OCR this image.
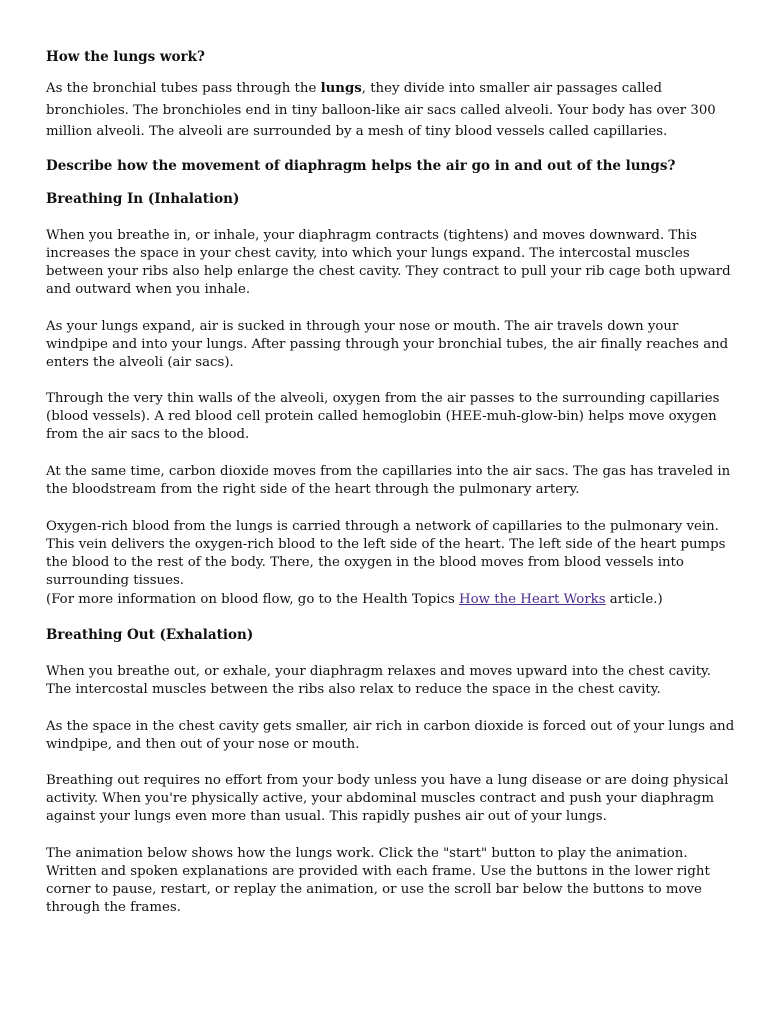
How the lungs work?

As the bronchial tubes pass through the lungs, they divide into smaller air passages called bronchioles. The bronchioles end in tiny balloon-like air sacs called alveoli. Your body has over 300 million alveoli. The alveoli are surrounded by a mesh of tiny blood vessels called capillaries.

Describe how the movement of diaphragm helps the air go in and out of the lungs?

Breathing In (Inhalation)

When you breathe in, or inhale, your diaphragm contracts (tightens) and moves downward. This increases the space in your chest cavity, into which your lungs expand. The intercostal muscles between your ribs also help enlarge the chest cavity. They contract to pull your rib cage both upward and outward when you inhale.

As your lungs expand, air is sucked in through your nose or mouth. The air travels down your windpipe and into your lungs. After passing through your bronchial tubes, the air finally reaches and enters the alveoli (air sacs).

Through the very thin walls of the alveoli, oxygen from the air passes to the surrounding capillaries (blood vessels). A red blood cell protein called hemoglobin (HEE-muh-glow-bin) helps move oxygen from the air sacs to the blood.

At the same time, carbon dioxide moves from the capillaries into the air sacs. The gas has traveled in the bloodstream from the right side of the heart through the pulmonary artery.

Oxygen-rich blood from the lungs is carried through a network of capillaries to the pulmonary vein. This vein delivers the oxygen-rich blood to the left side of the heart. The left side of the heart pumps the blood to the rest of the body. There, the oxygen in the blood moves from blood vessels into surrounding tissues.

(For more information on blood flow, go to the Health Topics How the Heart Works article.)

Breathing Out (Exhalation)

When you breathe out, or exhale, your diaphragm relaxes and moves upward into the chest cavity. The intercostal muscles between the ribs also relax to reduce the space in the chest cavity.

As the space in the chest cavity gets smaller, air rich in carbon dioxide is forced out of your lungs and windpipe, and then out of your nose or mouth.

Breathing out requires no effort from your body unless you have a lung disease or are doing physical activity. When you're physically active, your abdominal muscles contract and push your diaphragm against your lungs even more than usual. This rapidly pushes air out of your lungs.

The animation below shows how the lungs work. Click the "start" button to play the animation. Written and spoken explanations are provided with each frame. Use the buttons in the lower right corner to pause, restart, or replay the animation, or use the scroll bar below the buttons to move through the frames.
